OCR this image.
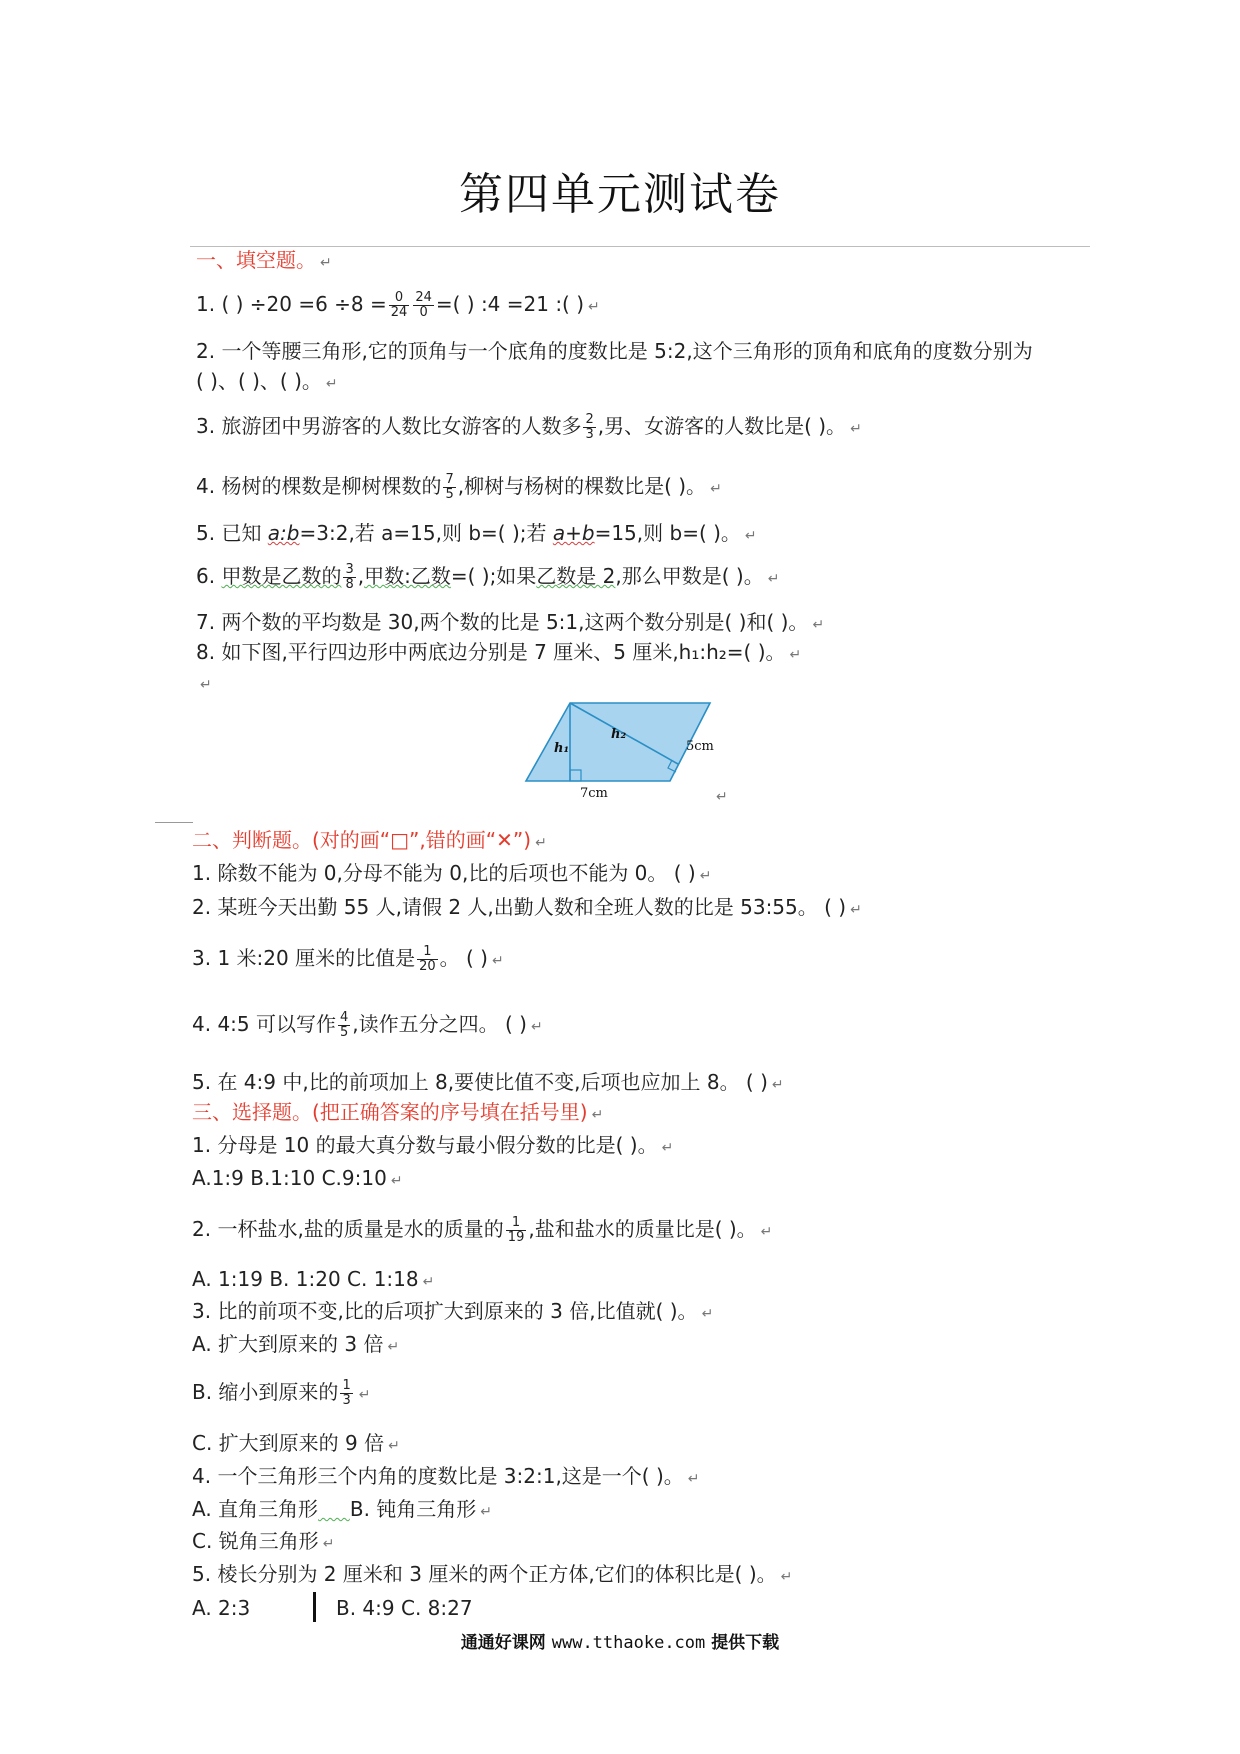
第四单元测试卷
一、填空题。 ↵
1. ( ) $\div 20 =6 \div 8 = \frac{0}{24} \frac{24}{0}$ =( ) :4 =21 :( ) ↵
2. 一个等腰三角形,它的顶角与一个底角的度数比是 5:2,这个三角形的顶角和底角的度数分别为
( )、( )、( )。 ↵
3. 旅游团中男游客的人数比女游客的人数多 $\frac{2}{3}$ ,男、女游客的人数比是( )。 ↵
4. 杨树的棵数是柳树棵数的 $\frac{7}{5}$ ,柳树与杨树的棵数比是( )。 ↵
5. 已知 a:b=3:2,若 a=15,则 b=( );若 a+b=15,则 b=( )。 ↵
6. 甲数是乙数的 $\frac{3}{8}$ ,甲数:乙数=( );如果乙数是 2,那么甲数是( )。 ↵
7. 两个数的平均数是 30,两个数的比是 5:1,这两个数分别是( )和( )。 ↵
8. 如下图,平行四边形中两底边分别是 7 厘米、5 厘米,h₁:h₂=( )。 ↵
↵
h₁
h₂
5cm
7cm	↵
二、判断题。(对的画“□”,错的画“✕”) ↵
1. 除数不能为 0,分母不能为 0,比的后项也不能为 0。 ( ) ↵
2. 某班今天出勤 55 人,请假 2 人,出勤人数和全班人数的比是 53:55。 ( ) ↵
3. 1 米:20 厘米的比值是 $\frac{1}{20}$ 。 ( ) ↵
4. 4:5 可以写作 $\frac{4}{5}$ ,读作五分之四。 ( ) ↵
5. 在 4:9 中,比的前项加上 8,要使比值不变,后项也应加上 8。 ( ) ↵
三、选择题。(把正确答案的序号填在括号里) ↵
1. 分母是 10 的最大真分数与最小假分数的比是( )。 ↵
A.1:9 B.1:10 C.9:10 ↵
2. 一杯盐水,盐的质量是水的质量的 $\frac{1}{19}$ ,盐和盐水的质量比是( )。 ↵
A. 1:19 B. 1:20 C. 1:18 ↵
3. 比的前项不变,比的后项扩大到原来的 3 倍,比值就( )。 ↵
A. 扩大到原来的 3 倍 ↵
B. 缩小到原来的 $\frac{1}{3}$ ↵
C. 扩大到原来的 9 倍 ↵
4. 一个三角形三个内角的度数比是 3:2:1,这是一个( )。 ↵
A. 直角三角形 B. 钝角三角形 ↵
C. 锐角三角形 ↵
5. 棱长分别为 2 厘米和 3 厘米的两个正方体,它们的体积比是( )。 ↵
A. 2:3	B. 4:9 C. 8:27
通通好课网 www.tthaoke.com 提供下载
